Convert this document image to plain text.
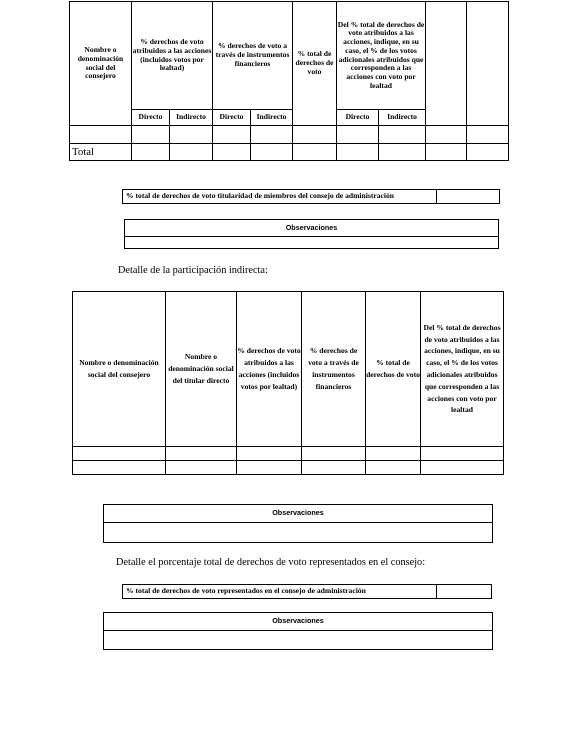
Nombre o denominación social del consejero	% derechos de voto atribuidos a las acciones (incluidos votos por lealtad)		% derechos de voto a través de instrumentos financieros		% total de derechos de voto	Del % total de derechos de voto atribuidos a las acciones, indique, en su caso, el % de los votos adicionales atribuidos que corresponden a las acciones con voto por lealtad			
	Directo	Indirecto	Directo	Indirecto		Directo	Indirecto		

Total									
% total de derechos de voto titularidad de miembros del consejo de administración	
Observaciones

Detalle de la participación indirecta:
Nombre o denominación social del consejero	Nombre o denominación social del titular directo	% derechos de voto atribuidos a las acciones (incluidos votos por lealtad)	% derechos de voto a través de instrumentos financieros	% total de derechos de voto	Del % total de derechos de voto atribuidos a las acciones, indique, en su caso, el % de los votos adicionales atribuidos que corresponden a las acciones con voto por lealtad

Observaciones

Detalle el porcentaje total de derechos de voto representados en el consejo:
% total de derechos de voto representados en el consejo de administración	
Observaciones
